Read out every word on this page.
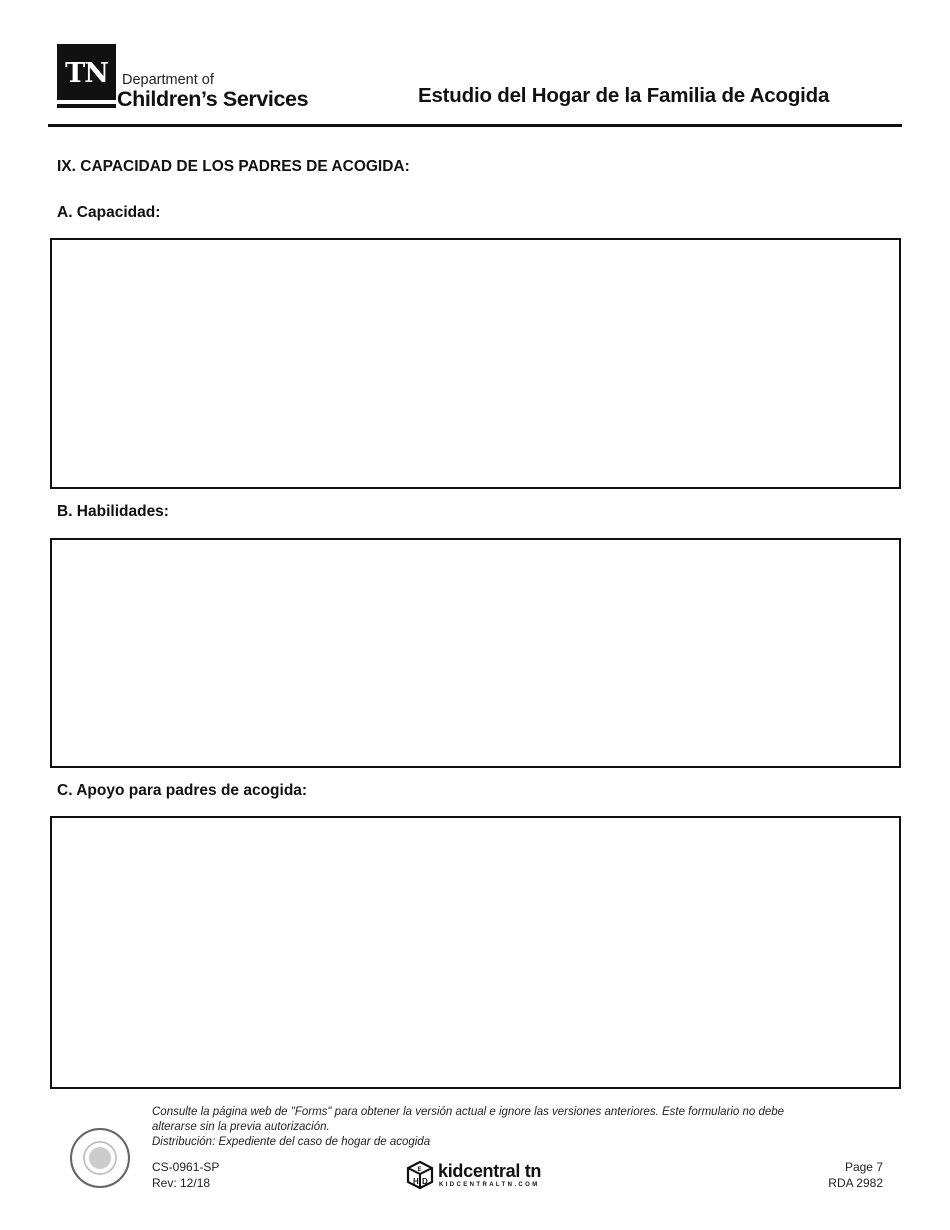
TN Department of
Children’s Services	Estudio del Hogar de la Familia de Acogida
IX. CAPACIDAD DE LOS PADRES DE ACOGIDA:
A. Capacidad:
B. Habilidades:
C. Apoyo para padres de acogida:
Consulte la página web de "Forms" para obtener la versión actual e ignore las versiones anteriores. Este formulario no debe
alterarse sin la previa autorización.
Distribución: Expediente del caso de hogar de acogida
CS-0961-SP
Rev: 12/18	H D
E kidcentral tn
KIDCENTRALTN.COM
Page 7
RDA 2982
